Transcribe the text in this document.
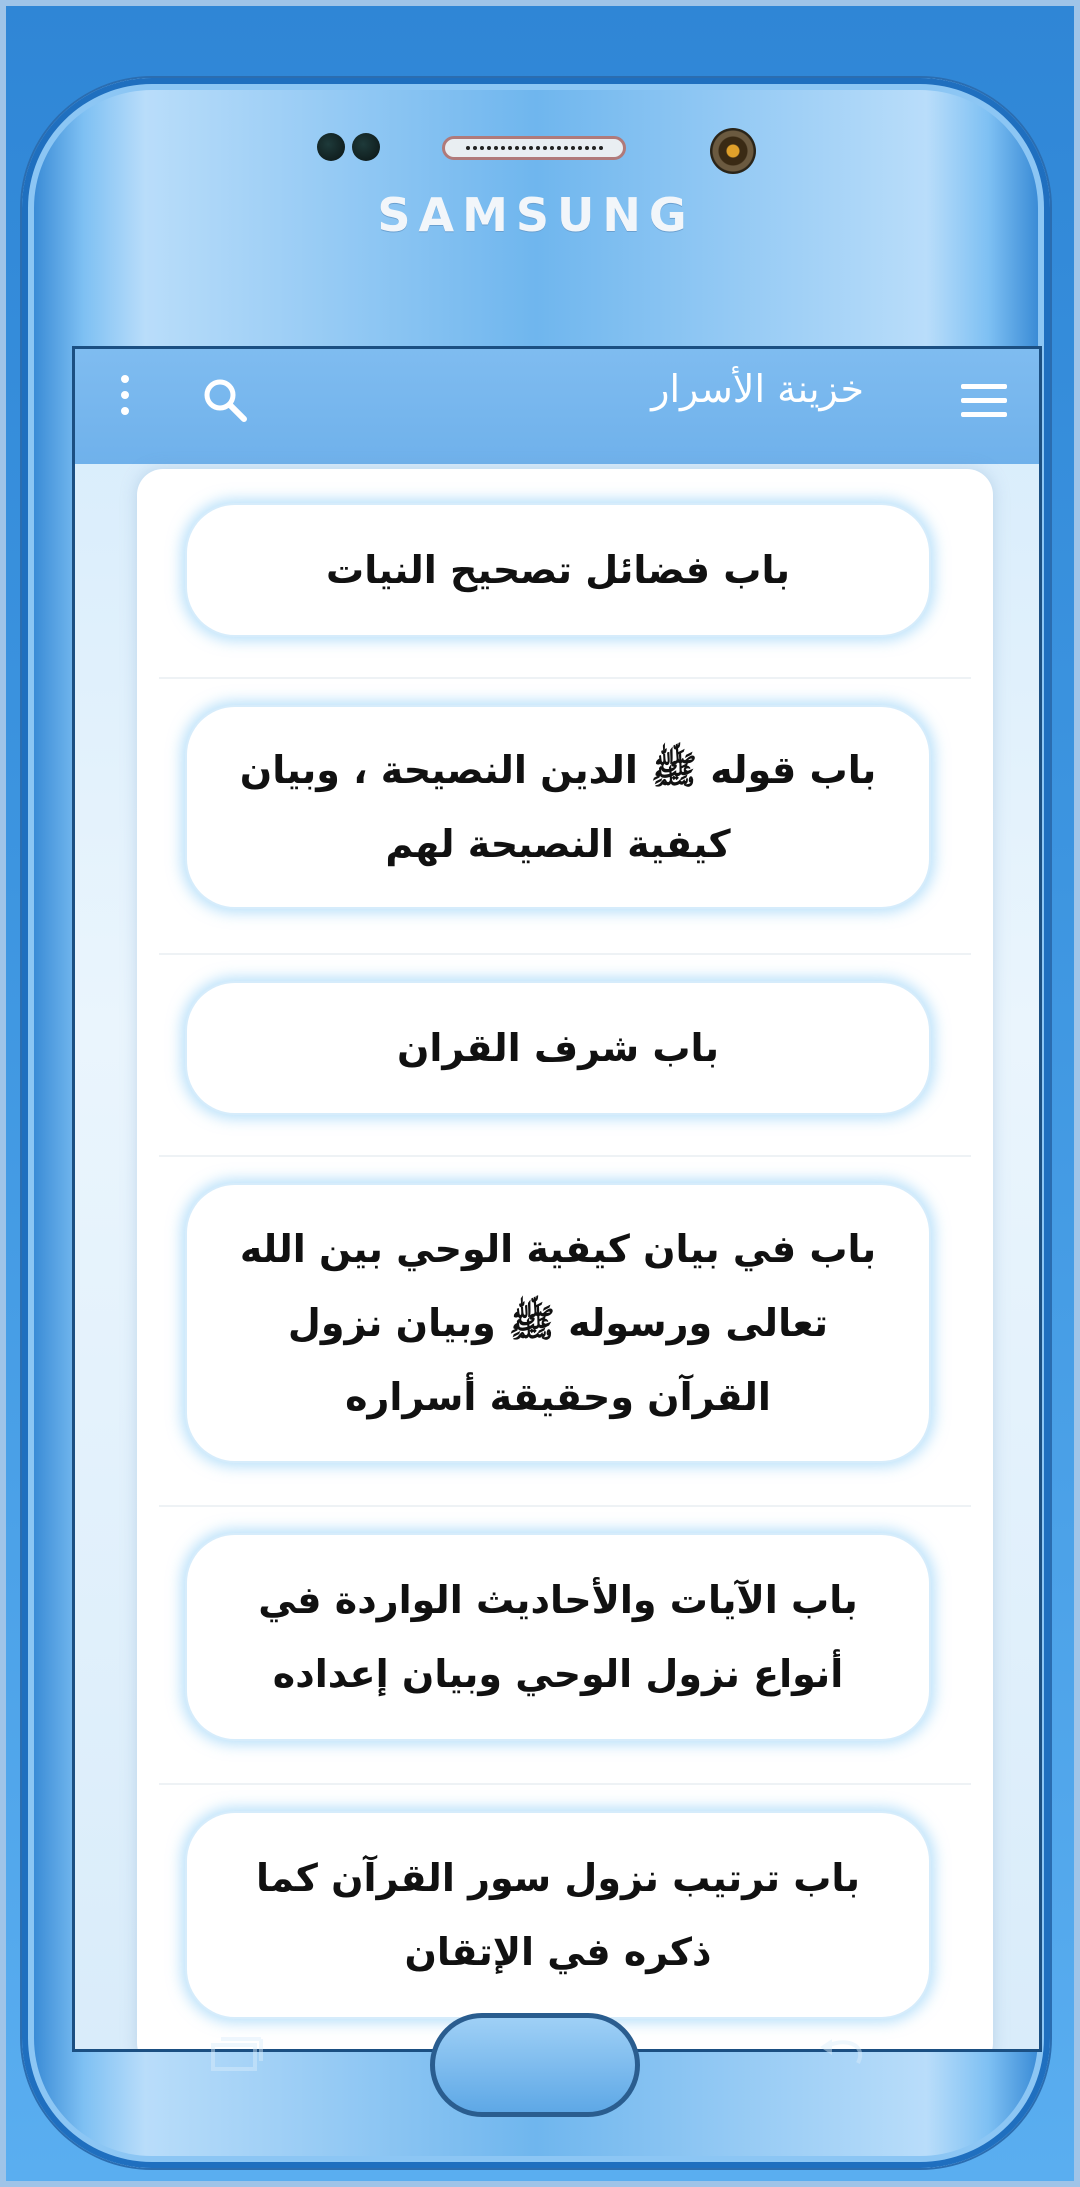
SAMSUNG
خزينة الأسرار
باب فضائل تصحيح النيات
باب قوله ﷺ الدين النصيحة ، وبيان كيفية النصيحة لهم
باب شرف القران
باب في بيان كيفية الوحي بين الله تعالى ورسوله ﷺ وبيان نزول القرآن وحقيقة أسراره
باب الآيات والأحاديث الواردة في أنواع نزول الوحي وبيان إعداده
باب ترتيب نزول سور القرآن كما ذكره في الإتقان
